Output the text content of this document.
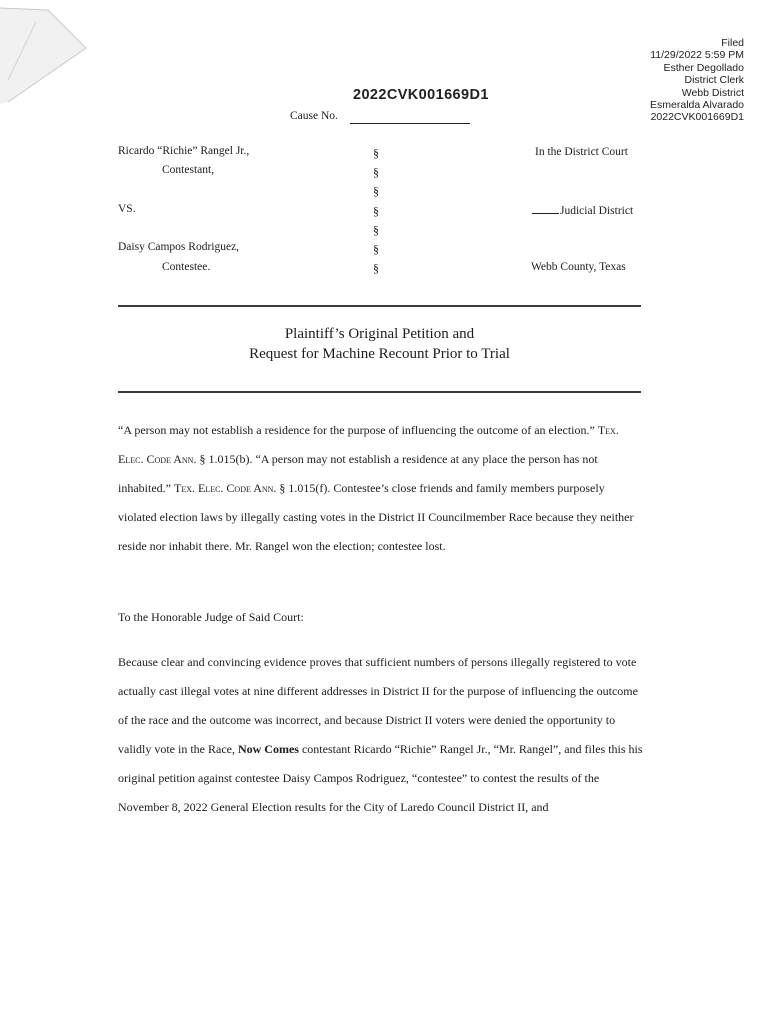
Filed
11/29/2022 5:59 PM
Esther Degollado
District Clerk
Webb District
Esmeralda Alvarado
2022CVK001669D1
2022CVK001669D1
Cause No.
Ricardo “Richie” Rangel Jr.,
Contestant,
VS.
Daisy Campos Rodriguez,
Contestee.
§
§
§
§
§
§
§
In the District Court
Judicial District
Webb County, Texas
Plaintiff’s Original Petition and
Request for Machine Recount Prior to Trial

“A person may not establish a residence for the purpose of influencing the outcome of an election.” Tex. Elec. Code Ann. § 1.015(b). “A person may not establish a residence at any place the person has not inhabited.” Tex. Elec. Code Ann. § 1.015(f). Contestee’s close friends and family members purposely violated election laws by illegally casting votes in the District II Councilmember Race because they neither reside nor inhabit there. Mr. Rangel won the election; contestee lost.

To the Honorable Judge of Said Court:

Because clear and convincing evidence proves that sufficient numbers of persons illegally registered to vote actually cast illegal votes at nine different addresses in District II for the purpose of influencing the outcome of the race and the outcome was incorrect, and because District II voters were denied the opportunity to validly vote in the Race, Now Comes contestant Ricardo “Richie” Rangel Jr., “Mr. Rangel”, and files this his original petition against contestee Daisy Campos Rodriguez, “contestee” to contest the results of the November 8, 2022 General Election results for the City of Laredo Council District II, and
